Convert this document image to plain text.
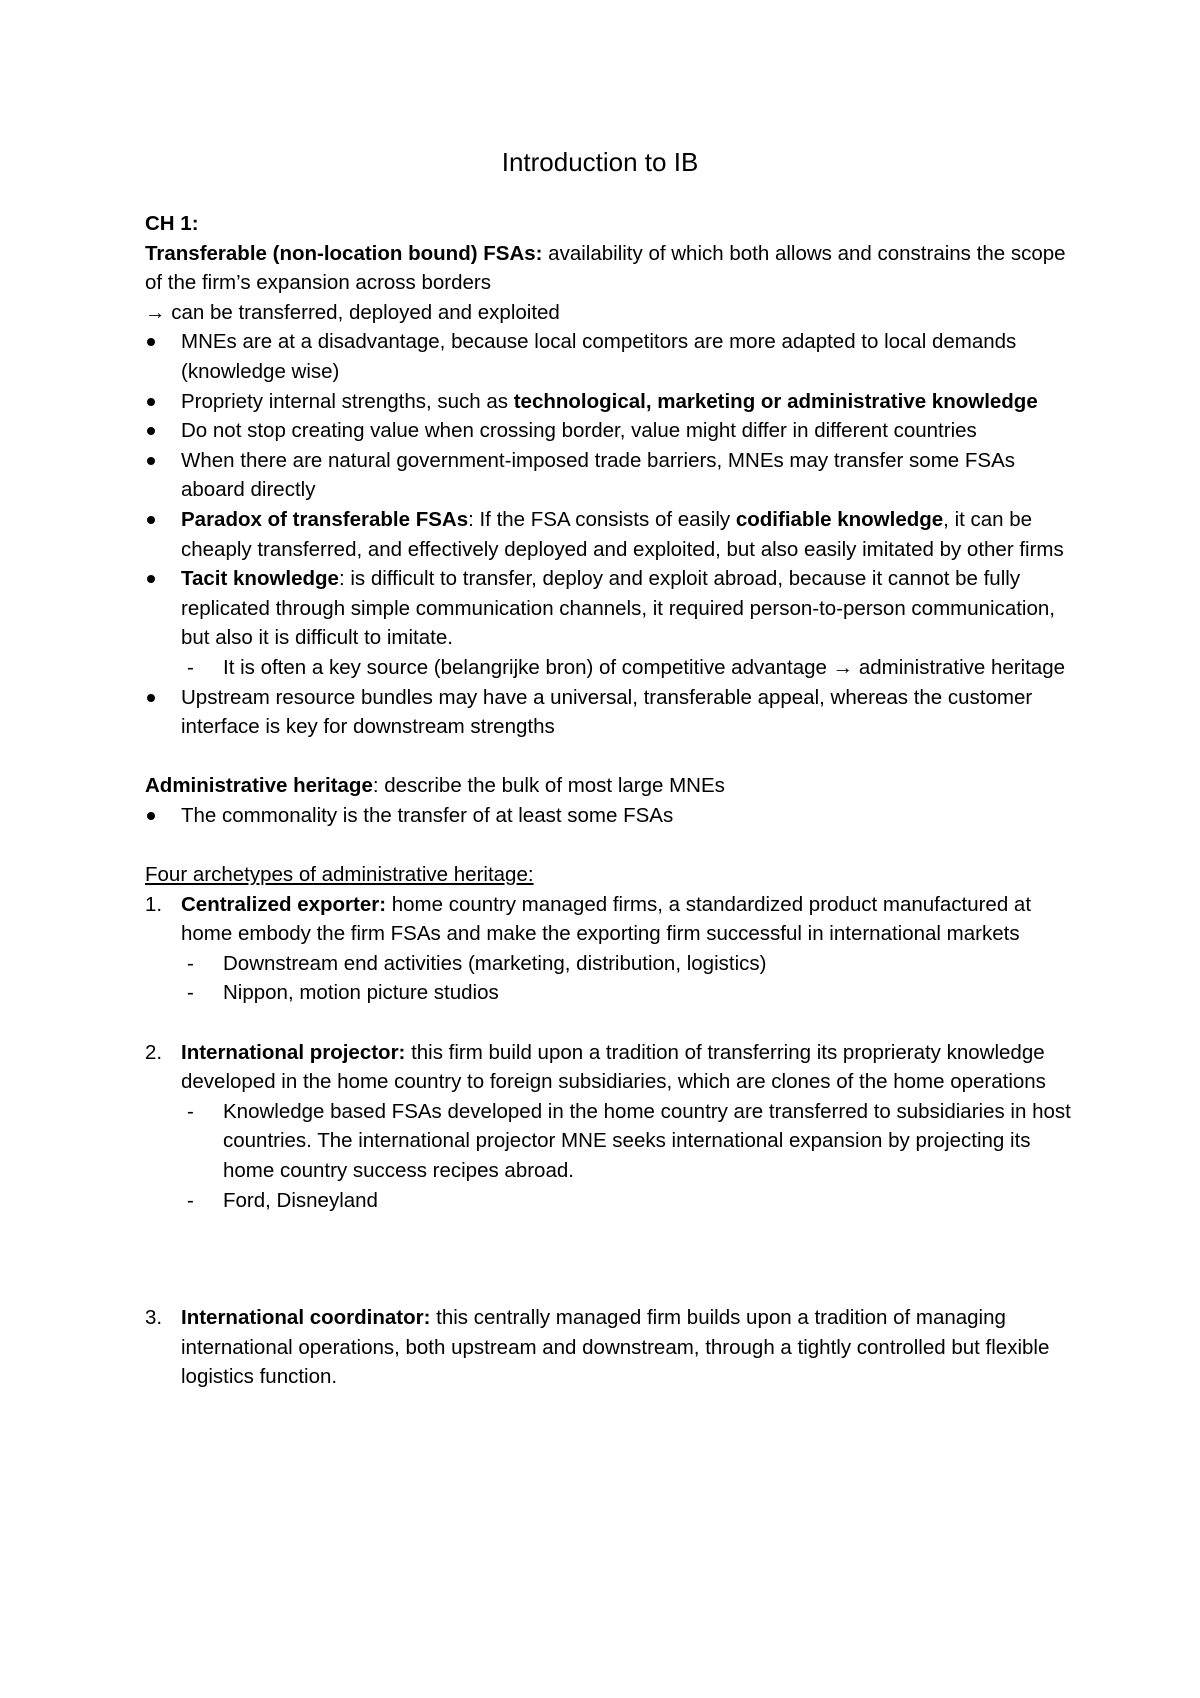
Introduction to IB

CH 1:

Transferable (non-location bound) FSAs: availability of which both allows and constrains the scope of the firm’s expansion across borders

→ can be transferred, deployed and exploited

MNEs are at a disadvantage, because local competitors are more adapted to local demands (knowledge wise)
Propriety internal strengths, such as technological, marketing or administrative knowledge
Do not stop creating value when crossing border, value might differ in different countries
When there are natural government-imposed trade barriers, MNEs may transfer some FSAs aboard directly
Paradox of transferable FSAs: If the FSA consists of easily codifiable knowledge, it can be cheaply transferred, and effectively deployed and exploited, but also easily imitated by other firms
Tacit knowledge: is difficult to transfer, deploy and exploit abroad, because it cannot be fully replicated through simple communication channels, it required person-to-person communication, but also it is difficult to imitate.
- It is often a key source (belangrijke bron) of competitive advantage → administrative heritage
Upstream resource bundles may have a universal, transferable appeal, whereas the customer interface is key for downstream strengths

Administrative heritage: describe the bulk of most large MNEs

The commonality is the transfer of at least some FSAs

Four archetypes of administrative heritage:

1. Centralized exporter: home country managed firms, a standardized product manufactured at home embody the firm FSAs and make the exporting firm successful in international markets
- Downstream end activities (marketing, distribution, logistics)
- Nippon, motion picture studios
2. International projector: this firm build upon a tradition of transferring its proprieraty knowledge developed in the home country to foreign subsidiaries, which are clones of the home operations
- Knowledge based FSAs developed in the home country are transferred to subsidiaries in host countries. The international projector MNE seeks international expansion by projecting its home country success recipes abroad.
- Ford, Disneyland
3. International coordinator: this centrally managed firm builds upon a tradition of managing international operations, both upstream and downstream, through a tightly controlled but flexible logistics function.
